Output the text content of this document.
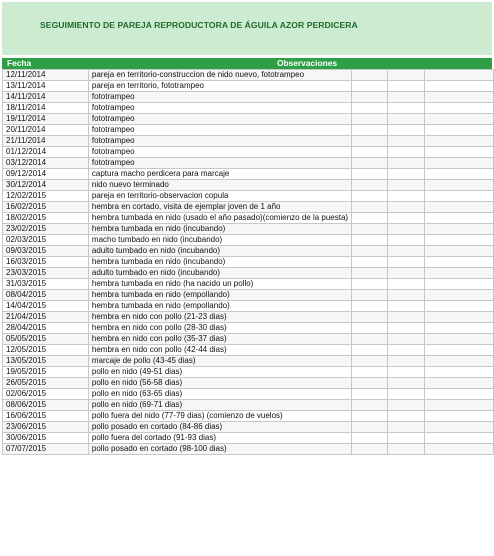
SEGUIMIENTO DE PAREJA REPRODUCTORA DE ÁGUILA AZOR PERDICERA
Fecha	Observaciones
12/11/2014	pareja en territorio-construccion de nido nuevo, fototrampeo			
13/11/2014	pareja en territorio, fototrampeo			
14/11/2014	fototrampeo			
18/11/2014	fototrampeo			
19/11/2014	fototrampeo			
20/11/2014	fototrampeo			
21/11/2014	fototrampeo			
01/12/2014	fototrampeo			
03/12/2014	fototrampeo			
09/12/2014	captura macho perdicera para marcaje			
30/12/2014	nido nuevo terminado			
12/02/2015	pareja en territorio-observacion copula			
16/02/2015	hembra en cortado, visita de ejemplar joven de 1 año			
18/02/2015	hembra tumbada en nido (usado el año pasado)(comienzo de la puesta)			
23/02/2015	hembra tumbada en nido (incubando)			
02/03/2015	macho tumbado en nido (incubando)			
09/03/2015	adulto tumbado en nido (incubando)			
16/03/2015	hembra tumbada en nido (incubando)			
23/03/2015	adulto tumbado en nido (incubando)			
31/03/2015	hembra tumbada en nido (ha nacido un pollo)			
08/04/2015	hembra tumbada en nido (empollando)			
14/04/2015	hembra tumbada en nido (empollando)			
21/04/2015	hembra en nido con pollo (21-23 dias)			
28/04/2015	hembra en nido con pollo (28-30 dias)			
05/05/2015	hembra en nido con pollo (35-37 dias)			
12/05/2015	hembra en nido con pollo (42-44 dias)			
13/05/2015	marcaje de pollo (43-45 dias)			
19/05/2015	pollo en nido (49-51 dias)			
26/05/2015	pollo en nido (56-58 dias)			
02/06/2015	pollo en nido (63-65 dias)			
08/06/2015	pollo en nido (69-71 dias)			
16/06/2015	pollo fuera del nido (77-79 dias) (comienzo de vuelos)			
23/06/2015	pollo posado en cortado (84-86 dias)			
30/06/2015	pollo fuera del cortado (91-93 dias)			
07/07/2015	pollo posado en cortado (98-100 dias)			
